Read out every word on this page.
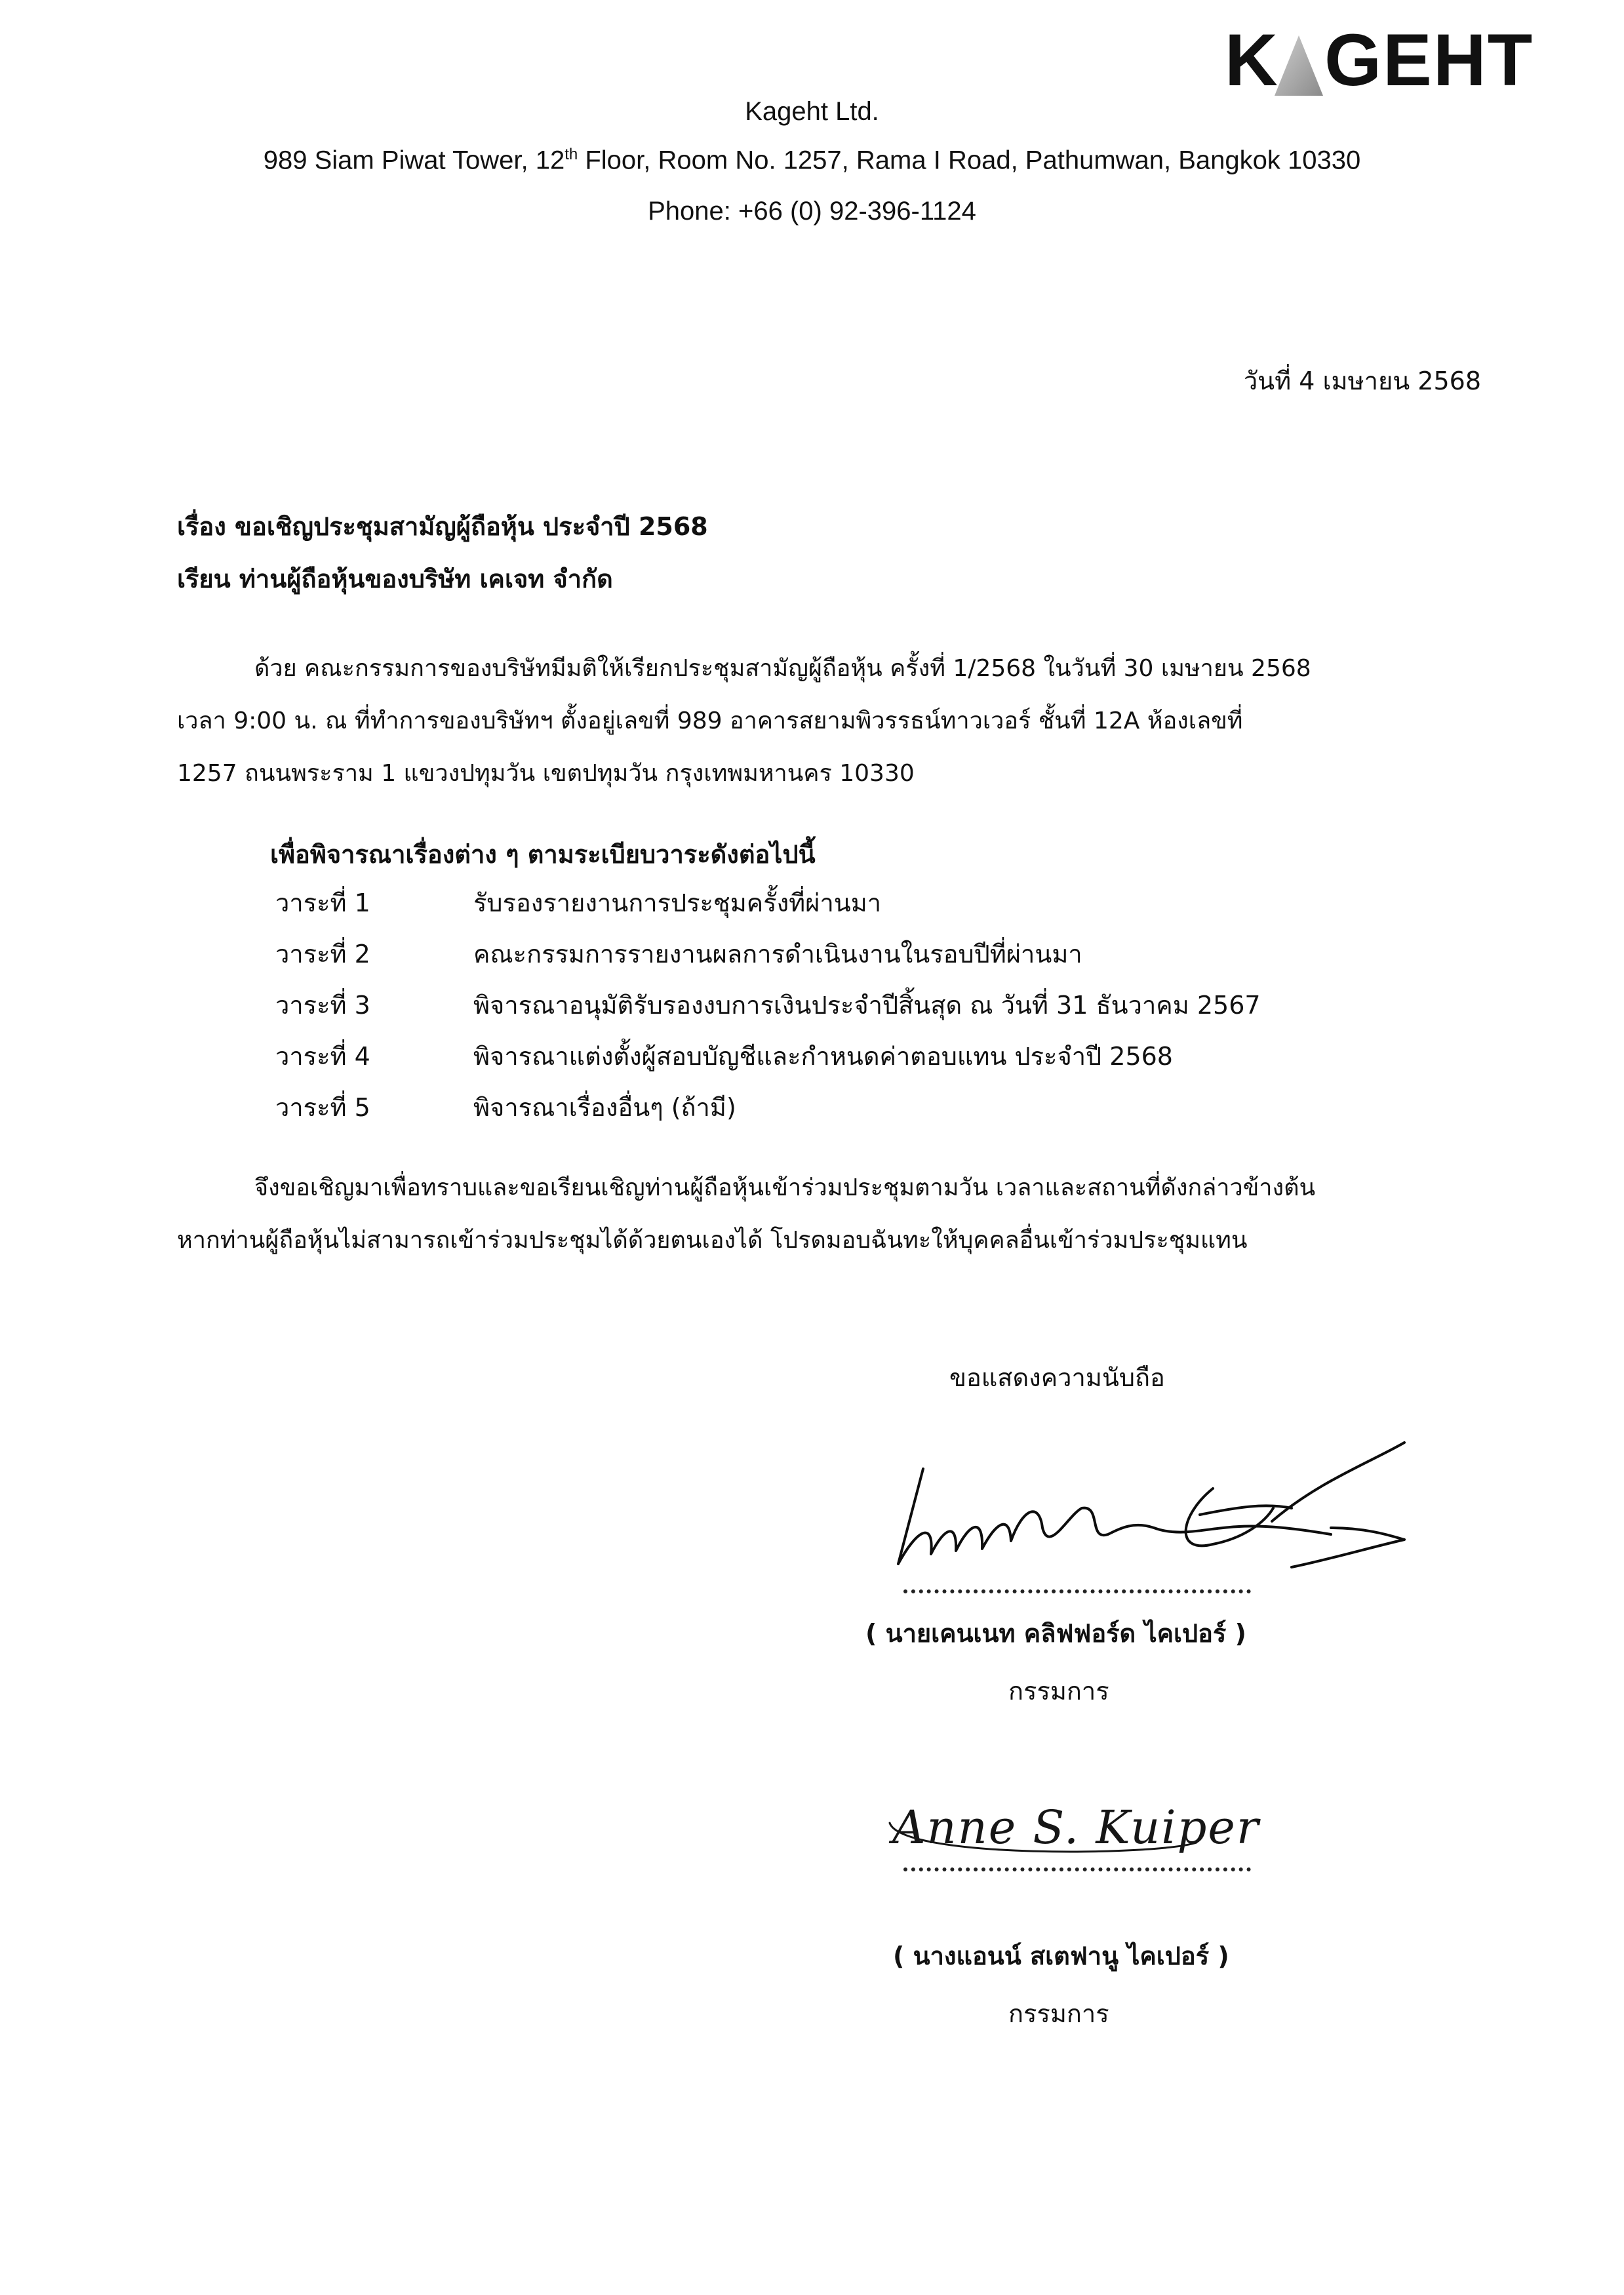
K GEHT
Kageht Ltd.
989 Siam Piwat Tower, 12th Floor, Room No. 1257, Rama I Road, Pathumwan, Bangkok 10330
Phone: +66 (0) 92-396-1124
วันที่ 4 เมษายน 2568
เรื่อง ขอเชิญประชุมสามัญผู้ถือหุ้น ประจำปี 2568
เรียน ท่านผู้ถือหุ้นของบริษัท เคเจท จำกัด
ด้วย คณะกรรมการของบริษัทมีมติให้เรียกประชุมสามัญผู้ถือหุ้น ครั้งที่ 1/2568 ในวันที่ 30 เมษายน 2568
เวลา 9:00 น. ณ ที่ทำการของบริษัทฯ ตั้งอยู่เลขที่ 989 อาคารสยามพิวรรธน์ทาวเวอร์ ชั้นที่ 12A ห้องเลขที่
1257 ถนนพระราม 1 แขวงปทุมวัน เขตปทุมวัน กรุงเทพมหานคร 10330
เพื่อพิจารณาเรื่องต่าง ๆ ตามระเบียบวาระดังต่อไปนี้
วาระที่ 1	รับรองรายงานการประชุมครั้งที่ผ่านมา
วาระที่ 2	คณะกรรมการรายงานผลการดำเนินงานในรอบปีที่ผ่านมา
วาระที่ 3	พิจารณาอนุมัติรับรองงบการเงินประจำปีสิ้นสุด ณ วันที่ 31 ธันวาคม 2567
วาระที่ 4	พิจารณาแต่งตั้งผู้สอบบัญชีและกำหนดค่าตอบแทน ประจำปี 2568
วาระที่ 5	พิจารณาเรื่องอื่นๆ (ถ้ามี)
จึงขอเชิญมาเพื่อทราบและขอเรียนเชิญท่านผู้ถือหุ้นเข้าร่วมประชุมตามวัน เวลาและสถานที่ดังกล่าวข้างต้น
หากท่านผู้ถือหุ้นไม่สามารถเข้าร่วมประชุมได้ด้วยตนเองได้ โปรดมอบฉันทะให้บุคคลอื่นเข้าร่วมประชุมแทน
ขอแสดงความนับถือ
( นายเคนเนท คลิฟฟอร์ด ไคเปอร์ )
กรรมการ
Anne S. Kuiper
( นางแอนน์ สเตฟานู ไคเปอร์ )
กรรมการ
